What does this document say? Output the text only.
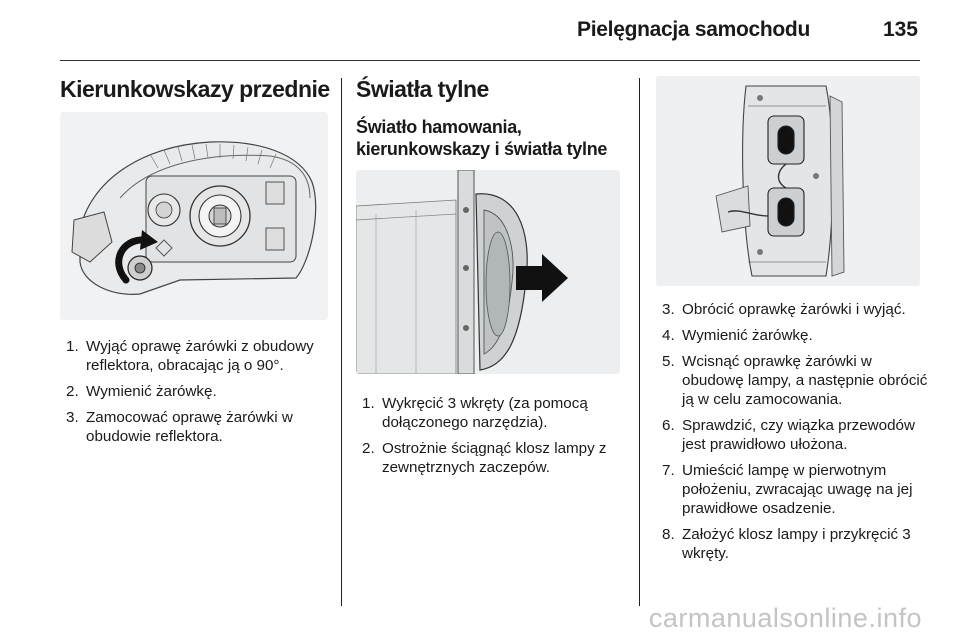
Pielęgnacja samochodu	135
Kierunkowskazy przednie
1. Wyjąć oprawę żarówki z obudowy reflektora, obracając ją o 90°.
2. Wymienić żarówkę.
3. Zamocować oprawę żarówki w obudowie reflektora.
Światła tylne
Światło hamowania,
kierunkowskazy i światła tylne
1. Wykręcić 3 wkręty (za pomocą dołączonego narzędzia).
2. Ostrożnie ściągnąć klosz lampy z zewnętrznych zaczepów.
3. Obrócić oprawkę żarówki i wyjąć.
4. Wymienić żarówkę.
5. Wcisnąć oprawkę żarówki w obudowę lampy, a następnie obrócić ją w celu zamocowania.
6. Sprawdzić, czy wiązka przewodów jest prawidłowo ułożona.
7. Umieścić lampę w pierwotnym położeniu, zwracając uwagę na jej prawidłowe osadzenie.
8. Założyć klosz lampy i przykręcić 3 wkręty.
carmanualsonline.info
